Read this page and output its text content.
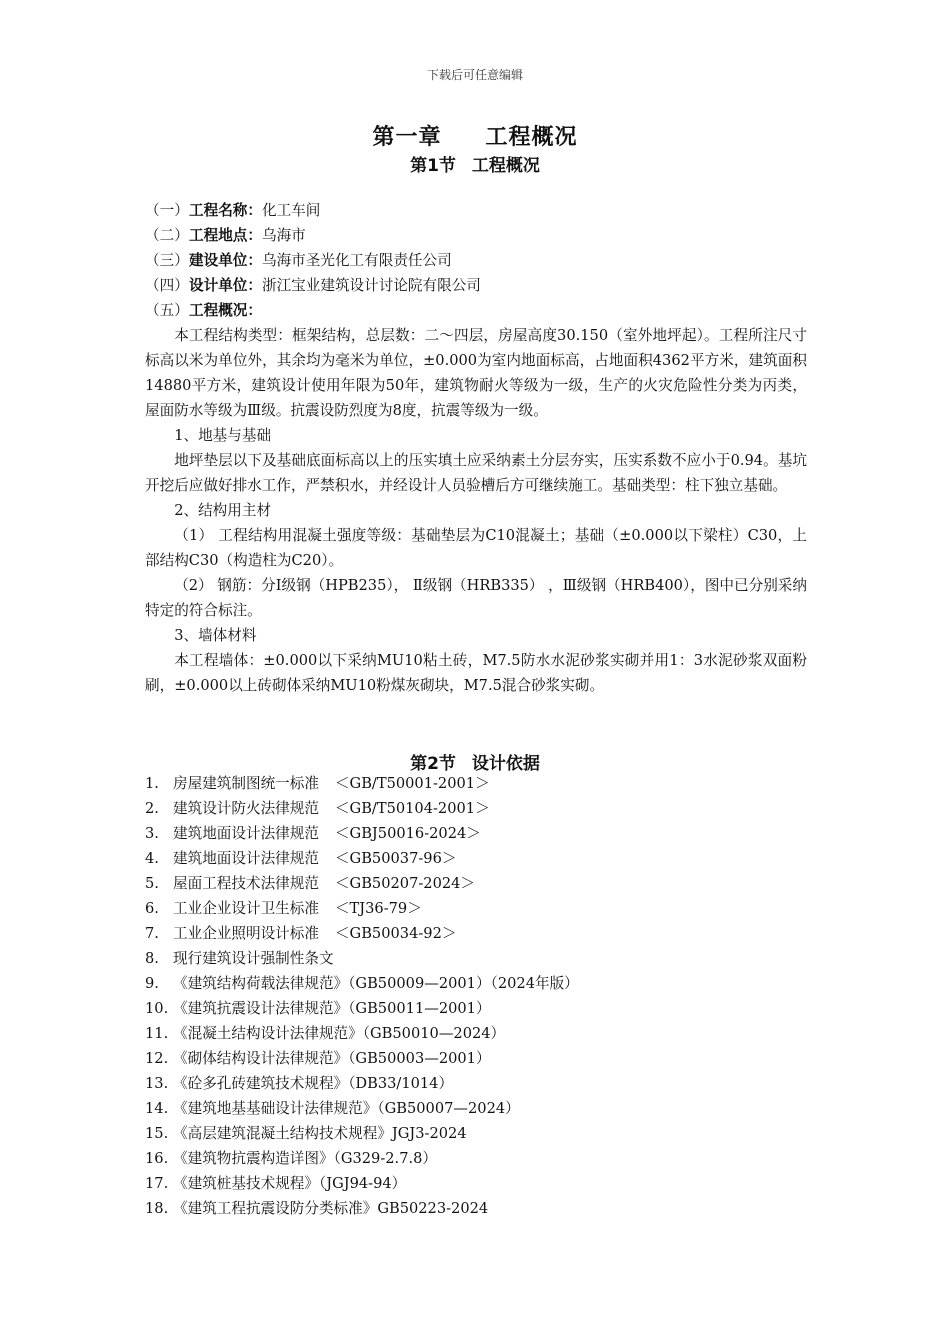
下载后可任意编辑
第一章 工程概况
第1节 工程概况
（一） 工程名称： 化工车间
（二） 工程地点： 乌海市
（三） 建设单位： 乌海市圣光化工有限责任公司
（四） 设计单位： 浙江宝业建筑设计讨论院有限公司
（五） 工程概况：

本工程结构类型：框架结构，总层数：二～四层，房屋高度30.150（室外地坪起）。工程所注尺寸标高以米为单位外，其余均为毫米为单位，±0.000为室内地面标高，占地面积4362平方米，建筑面积14880平方米，建筑设计使用年限为50年，建筑物耐火等级为一级，生产的火灾危险性分类为丙类，屋面防水等级为Ⅲ级。抗震设防烈度为8度，抗震等级为一级。

1、地基与基础

地坪垫层以下及基础底面标高以上的压实填土应采纳素土分层夯实，压实系数不应小于0.94。基坑开挖后应做好排水工作，严禁积水，并经设计人员验槽后方可继续施工。基础类型：柱下独立基础。

2、结构用主材

（1） 工程结构用混凝土强度等级：基础垫层为C10混凝土；基础（±0.000以下梁柱）C30，上部结构C30（构造柱为C20）。

（2） 钢筋：分Ⅰ级钢（HPB235）， Ⅱ级钢（HRB335） ，Ⅲ级钢（HRB400），图中已分别采纳特定的符合标注。

3、墙体材料

本工程墙体：±0.000以下采纳MU10粘土砖，M7.5防水水泥砂浆实砌并用1：3水泥砂浆双面粉刷，±0.000以上砖砌体采纳MU10粉煤灰砌块，M7.5混合砂浆实砌。

第2节 设计依据
1. 房屋建筑制图统一标准 ＜GB/T50001-2001＞
2. 建筑设计防火法律规范 ＜GB/T50104-2001＞
3. 建筑地面设计法律规范 ＜GBJ50016-2024＞
4. 建筑地面设计法律规范 ＜GB50037-96＞
5. 屋面工程技术法律规范 ＜GB50207-2024＞
6. 工业企业设计卫生标准 ＜TJ36-79＞
7. 工业企业照明设计标准 ＜GB50034-92＞
8. 现行建筑设计强制性条文
9. 《建筑结构荷载法律规范》（GB50009—2001）（2024年版）
10. 《建筑抗震设计法律规范》（GB50011—2001）
11. 《混凝土结构设计法律规范》（GB50010—2024）
12. 《砌体结构设计法律规范》（GB50003—2001）
13. 《砼多孔砖建筑技术规程》（DB33/1014）
14. 《建筑地基基础设计法律规范》（GB50007—2024）
15. 《高层建筑混凝土结构技术规程》JGJ3-2024
16. 《建筑物抗震构造详图》（G329-2.7.8）
17. 《建筑桩基技术规程》（JGJ94-94）
18. 《建筑工程抗震设防分类标准》GB50223-2024
